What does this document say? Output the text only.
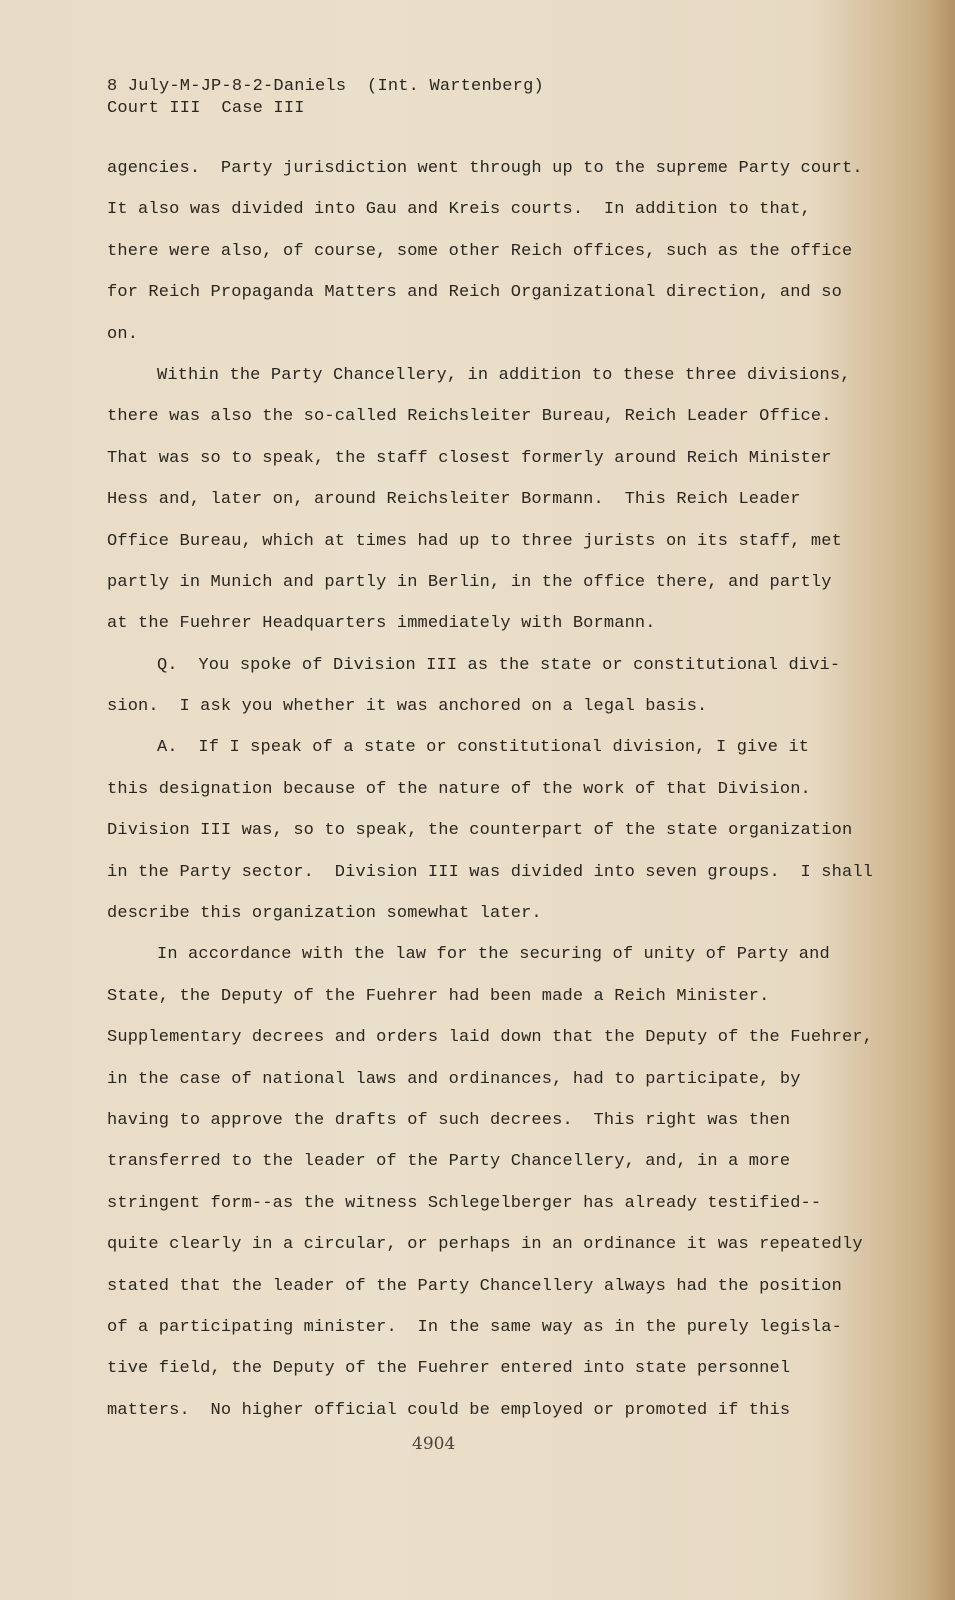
8 July-M-JP-8-2-Daniels  (Int. Wartenberg)
Court III  Case III
agencies.  Party jurisdiction went through up to the supreme Party court.
It also was divided into Gau and Kreis courts.  In addition to that,
there were also, of course, some other Reich offices, such as the office
for Reich Propaganda Matters and Reich Organizational direction, and so
on.
Within the Party Chancellery, in addition to these three divisions,
there was also the so-called Reichsleiter Bureau, Reich Leader Office.
That was so to speak, the staff closest formerly around Reich Minister
Hess and, later on, around Reichsleiter Bormann.  This Reich Leader
Office Bureau, which at times had up to three jurists on its staff, met
partly in Munich and partly in Berlin, in the office there, and partly
at the Fuehrer Headquarters immediately with Bormann.
Q.  You spoke of Division III as the state or constitutional divi-
sion.  I ask you whether it was anchored on a legal basis.
A.  If I speak of a state or constitutional division, I give it
this designation because of the nature of the work of that Division.
Division III was, so to speak, the counterpart of the state organization
in the Party sector.  Division III was divided into seven groups.  I shall
describe this organization somewhat later.
In accordance with the law for the securing of unity of Party and
State, the Deputy of the Fuehrer had been made a Reich Minister.
Supplementary decrees and orders laid down that the Deputy of the Fuehrer,
in the case of national laws and ordinances, had to participate, by
having to approve the drafts of such decrees.  This right was then
transferred to the leader of the Party Chancellery, and, in a more
stringent form--as the witness Schlegelberger has already testified--
quite clearly in a circular, or perhaps in an ordinance it was repeatedly
stated that the leader of the Party Chancellery always had the position
of a participating minister.  In the same way as in the purely legisla-
tive field, the Deputy of the Fuehrer entered into state personnel
matters.  No higher official could be employed or promoted if this
4904
